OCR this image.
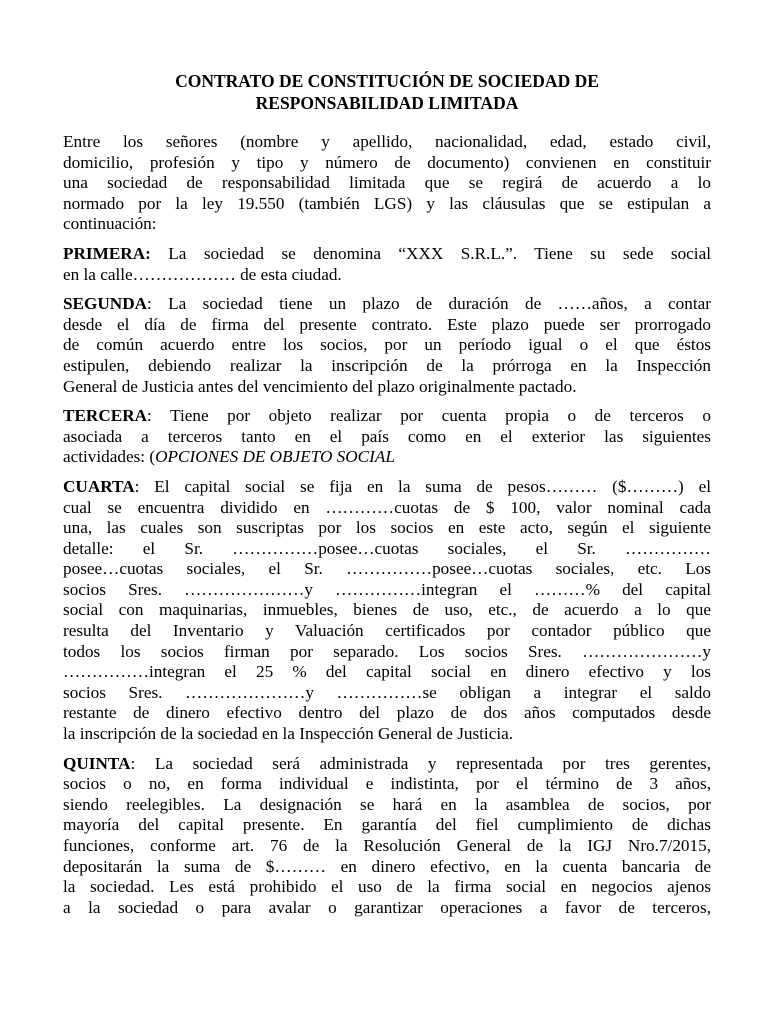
CONTRATO DE CONSTITUCIÓN DE SOCIEDAD DE
RESPONSABILIDAD LIMITADA

Entre los señores (nombre y apellido, nacionalidad, edad, estado civil,
domicilio, profesión y tipo y número de documento) convienen en constituir
una sociedad de responsabilidad limitada que se regirá de acuerdo a lo
normado por la ley 19.550 (también LGS) y las cláusulas que se estipulan a
continuación:

PRIMERA: La sociedad se denomina “XXX S.R.L.”. Tiene su sede social
en la calle……………… de esta ciudad.

SEGUNDA: La sociedad tiene un plazo de duración de ……años, a contar
desde el día de firma del presente contrato. Este plazo puede ser prorrogado
de común acuerdo entre los socios, por un período igual o el que éstos
estipulen, debiendo realizar la inscripción de la prórroga en la Inspección
General de Justicia antes del vencimiento del plazo originalmente pactado.

TERCERA: Tiene por objeto realizar por cuenta propia o de terceros o
asociada a terceros tanto en el país como en el exterior las siguientes
actividades: (OPCIONES DE OBJETO SOCIAL

CUARTA: El capital social se fija en la suma de pesos……… ($………) el
cual se encuentra dividido en …………cuotas de $ 100, valor nominal cada
una, las cuales son suscriptas por los socios en este acto, según el siguiente
detalle: el Sr. ……………posee…cuotas sociales, el Sr. ……………
posee…cuotas sociales, el Sr. ……………posee…cuotas sociales, etc. Los
socios Sres. …………………y ……………integran el ………% del capital
social con maquinarias, inmuebles, bienes de uso, etc., de acuerdo a lo que
resulta del Inventario y Valuación certificados por contador público que
todos los socios firman por separado. Los socios Sres. …………………y
……………integran el 25 % del capital social en dinero efectivo y los
socios Sres. …………………y ……………se obligan a integrar el saldo
restante de dinero efectivo dentro del plazo de dos años computados desde
la inscripción de la sociedad en la Inspección General de Justicia.

QUINTA: La sociedad será administrada y representada por tres gerentes,
socios o no, en forma individual e indistinta, por el término de 3 años,
siendo reelegibles. La designación se hará en la asamblea de socios, por
mayoría del capital presente. En garantía del fiel cumplimiento de dichas
funciones, conforme art. 76 de la Resolución General de la IGJ Nro.7/2015,
depositarán la suma de $……… en dinero efectivo, en la cuenta bancaria de
la sociedad. Les está prohibido el uso de la firma social en negocios ajenos
a la sociedad o para avalar o garantizar operaciones a favor de terceros,
